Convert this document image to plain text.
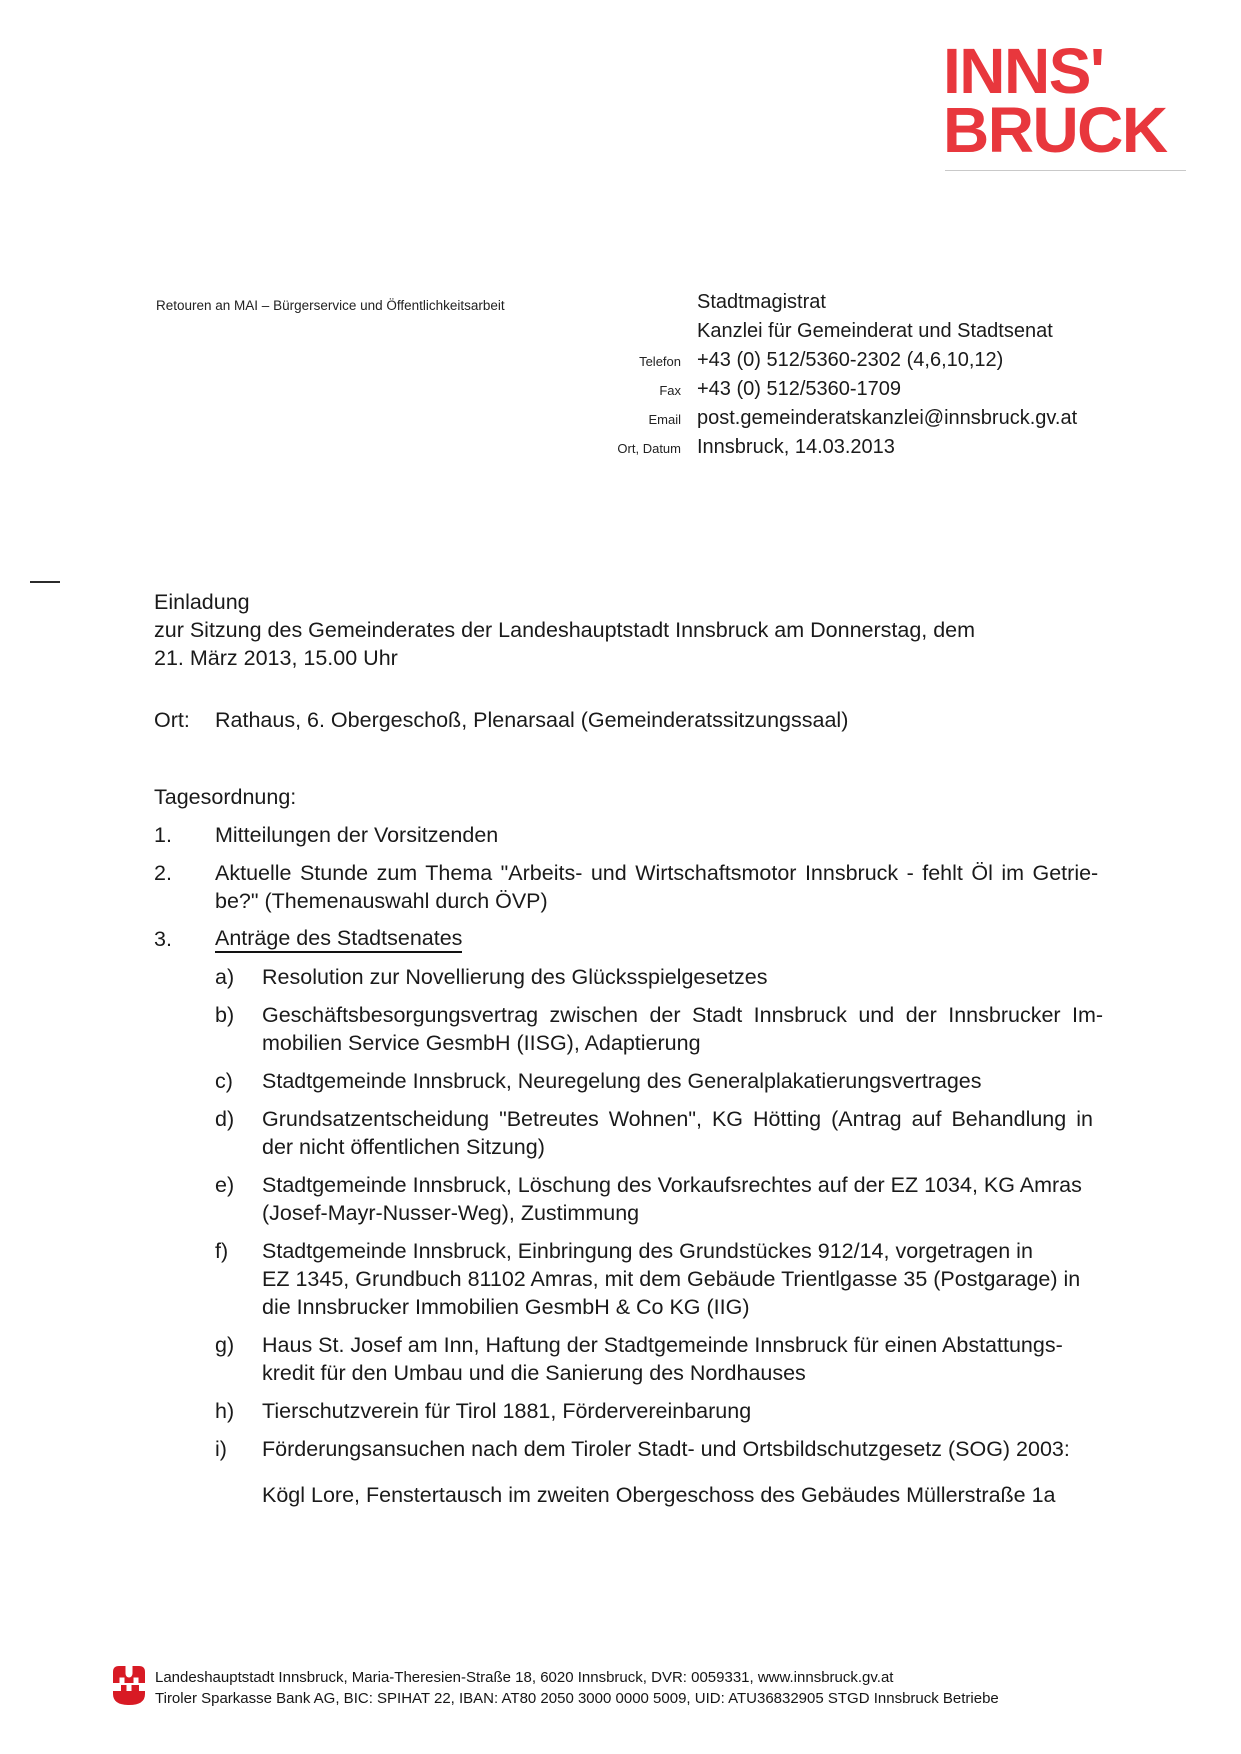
INNS'
BRUCK
Retouren an MAI – Bürgerservice und Öffentlichkeitsarbeit	Stadtmagistrat
Kanzlei für Gemeinderat und Stadtsenat
Telefon +43 (0) 512/5360-2302 (4,6,10,12)
Fax +43 (0) 512/5360-1709
Email post.gemeinderatskanzlei@innsbruck.gv.at
Ort, Datum Innsbruck, 14.03.2013
Einladung
zur Sitzung des Gemeinderates der Landeshauptstadt Innsbruck am Donnerstag, dem
21. März 2013, 15.00 Uhr
Ort:	Rathaus, 6. Obergeschoß, Plenarsaal (Gemeinderatssitzungssaal)
Tagesordnung:
1.	Mitteilungen der Vorsitzenden
2.	Aktuelle Stunde zum Thema "Arbeits- und Wirtschaftsmotor Innsbruck - fehlt Öl im Getrie-
be?" (Themenauswahl durch ÖVP)
3.	Anträge des Stadtsenates
a)	Resolution zur Novellierung des Glücksspielgesetzes
b)	Geschäftsbesorgungsvertrag zwischen der Stadt Innsbruck und der Innsbrucker Im-
mobilien Service GesmbH (IISG), Adaptierung
c)	Stadtgemeinde Innsbruck, Neuregelung des Generalplakatierungsvertrages
d)	Grundsatzentscheidung "Betreutes Wohnen", KG Hötting (Antrag auf Behandlung in
der nicht öffentlichen Sitzung)
e)	Stadtgemeinde Innsbruck, Löschung des Vorkaufsrechtes auf der EZ 1034, KG Amras
(Josef-Mayr-Nusser-Weg), Zustimmung
f)	Stadtgemeinde Innsbruck, Einbringung des Grundstückes 912/14, vorgetragen in
EZ 1345, Grundbuch 81102 Amras, mit dem Gebäude Trientlgasse 35 (Postgarage) in
die Innsbrucker Immobilien GesmbH & Co KG (IIG)
g)	Haus St. Josef am Inn, Haftung der Stadtgemeinde Innsbruck für einen Abstattungs-
kredit für den Umbau und die Sanierung des Nordhauses
h)	Tierschutzverein für Tirol 1881, Fördervereinbarung
i)	Förderungsansuchen nach dem Tiroler Stadt- und Ortsbildschutzgesetz (SOG) 2003:
Kögl Lore, Fenstertausch im zweiten Obergeschoss des Gebäudes Müllerstraße 1a
Landeshauptstadt Innsbruck, Maria-Theresien-Straße 18, 6020 Innsbruck, DVR: 0059331, www.innsbruck.gv.at
Tiroler Sparkasse Bank AG, BIC: SPIHAT 22, IBAN: AT80 2050 3000 0000 5009, UID: ATU36832905 STGD Innsbruck Betriebe
